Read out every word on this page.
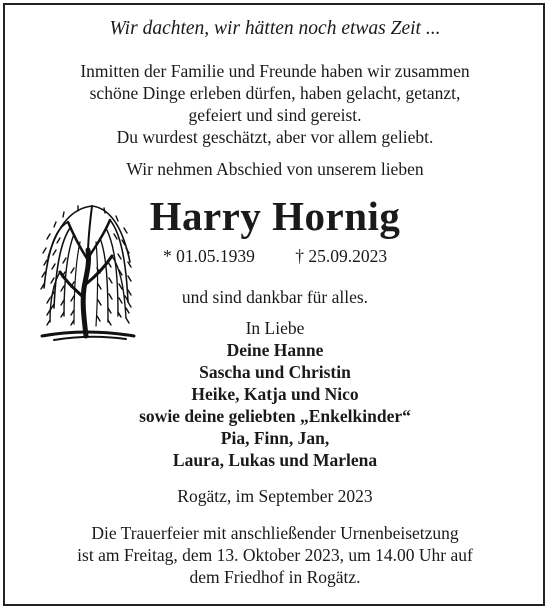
Wir dachten, wir hätten noch etwas Zeit ...
Inmitten der Familie und Freunde haben wir zusammen
schöne Dinge erleben dürfen, haben gelacht, getanzt,
gefeiert und sind gereist.
Du wurdest geschätzt, aber vor allem geliebt.
Wir nehmen Abschied von unserem lieben
Harry Hornig
* 01.05.1939 † 25.09.2023
und sind dankbar für alles.
In Liebe
Deine Hanne
Sascha und Christin
Heike, Katja und Nico
sowie deine geliebten „Enkelkinder“
Pia, Finn, Jan,
Laura, Lukas und Marlena
Rogätz, im September 2023
Die Trauerfeier mit anschließender Urnenbeisetzung
ist am Freitag, dem 13. Oktober 2023, um 14.00 Uhr auf
dem Friedhof in Rogätz.
